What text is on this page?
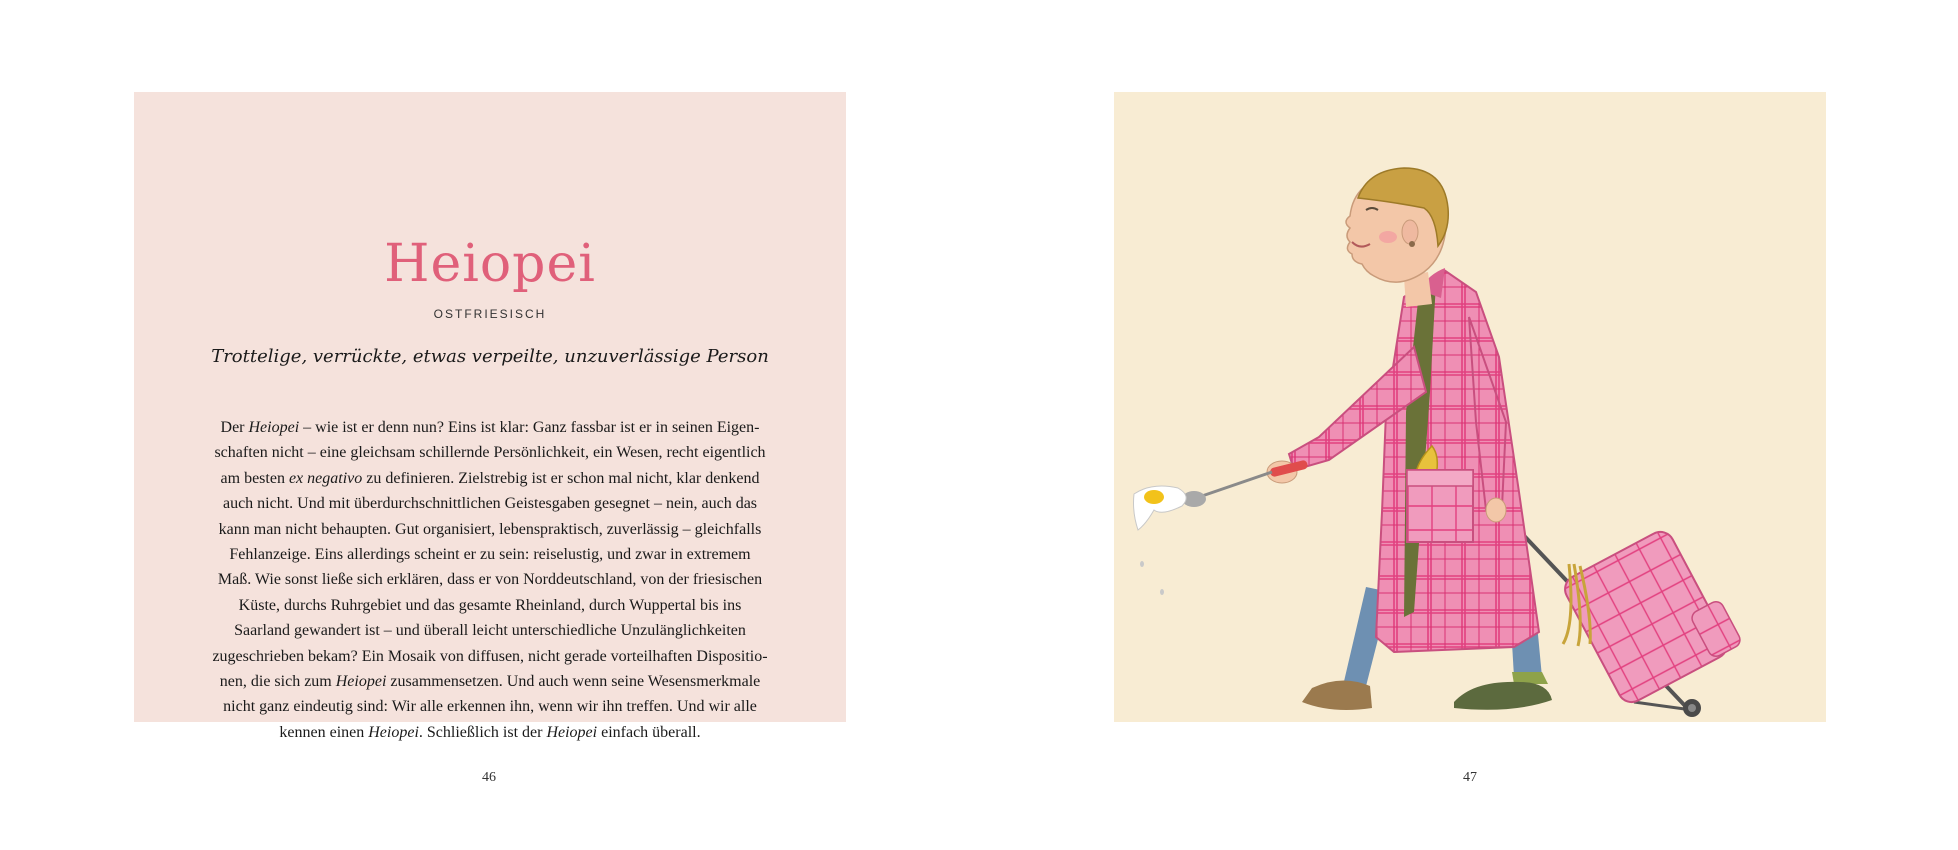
Heiopei
OSTFRIESISCH
Trottelige, verrückte, etwas verpeilte, unzuverlässige Person
Der Heiopei – wie ist er denn nun? Eins ist klar: Ganz fassbar ist er in seinen Eigen-
schaften nicht – eine gleichsam schillernde Persönlichkeit, ein Wesen, recht eigentlich
am besten ex negativo zu definieren. Zielstrebig ist er schon mal nicht, klar denkend
auch nicht. Und mit überdurchschnittlichen Geistesgaben gesegnet – nein, auch das
kann man nicht behaupten. Gut organisiert, lebenspraktisch, zuverlässig – gleichfalls
Fehlanzeige. Eins allerdings scheint er zu sein: reiselustig, und zwar in extremem
Maß. Wie sonst ließe sich erklären, dass er von Norddeutschland, von der friesischen
Küste, durchs Ruhrgebiet und das gesamte Rheinland, durch Wuppertal bis ins
Saarland gewandert ist – und überall leicht unterschiedliche Unzulänglichkeiten
zugeschrieben bekam? Ein Mosaik von diffusen, nicht gerade vorteilhaften Dispositio-
nen, die sich zum Heiopei zusammensetzen. Und auch wenn seine Wesensmerkmale
nicht ganz eindeutig sind: Wir alle erkennen ihn, wenn wir ihn treffen. Und wir alle
kennen einen Heiopei. Schließlich ist der Heiopei einfach überall.
46	47
